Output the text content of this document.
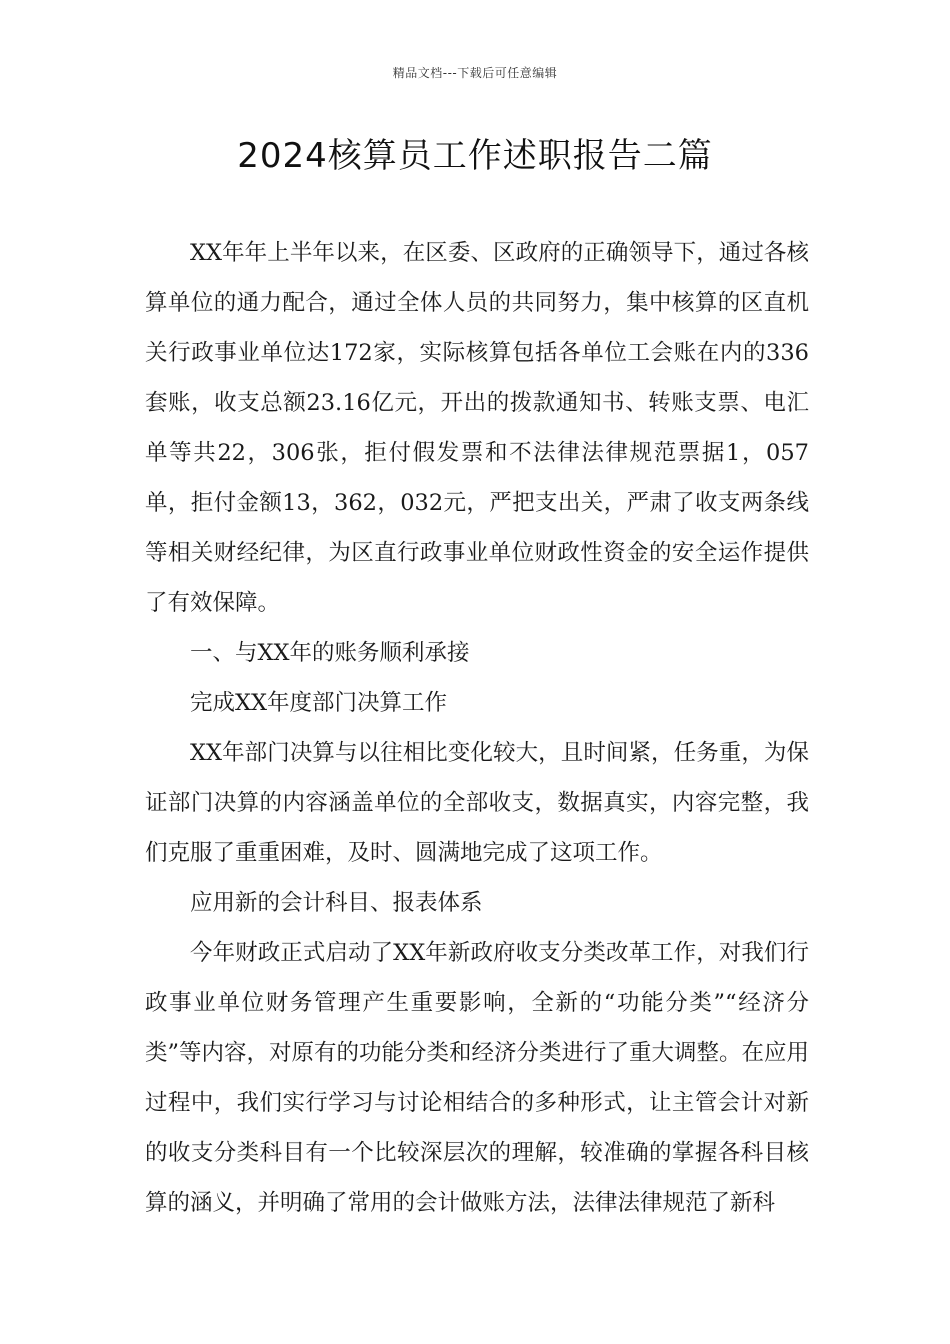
精品文档---下载后可任意编辑
2024核算员工作述职报告二篇

XX年年上半年以来，在区委、区政府的正确领导下，通过各核算单位的通力配合，通过全体人员的共同努力，集中核算的区直机关行政事业单位达172家，实际核算包括各单位工会账在内的336套账，收支总额23.16亿元，开出的拨款通知书、转账支票、电汇单等共22，306张，拒付假发票和不法律法律规范票据1，057单，拒付金额13，362，032元，严把支出关，严肃了收支两条线等相关财经纪律，为区直行政事业单位财政性资金的安全运作提供了有效保障。

一、与XX年的账务顺利承接

完成XX年度部门决算工作

XX年部门决算与以往相比变化较大，且时间紧，任务重，为保证部门决算的内容涵盖单位的全部收支，数据真实，内容完整，我们克服了重重困难，及时、圆满地完成了这项工作。

应用新的会计科目、报表体系

今年财政正式启动了XX年新政府收支分类改革工作，对我们行政事业单位财务管理产生重要影响，全新的“功能分类”“经济分类”等内容，对原有的功能分类和经济分类进行了重大调整。在应用过程中，我们实行学习与讨论相结合的多种形式，让主管会计对新的收支分类科目有一个比较深层次的理解，较准确的掌握各科目核算的涵义，并明确了常用的会计做账方法，法律法律规范了新科
